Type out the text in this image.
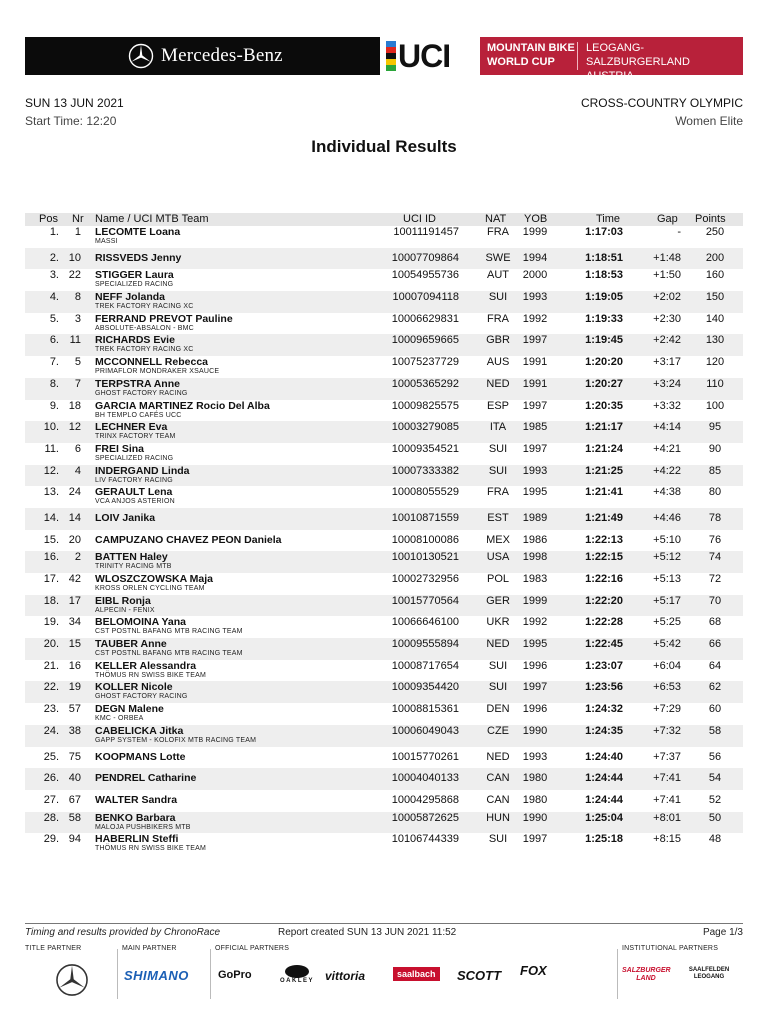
Mercedes-Benz	UCI	MOUNTAIN BIKE
WORLD CUP
LEOGANG-SALZBURGERLAND
AUSTRIA
SUN 13 JUN 2021
Start Time: 12:20
CROSS-COUNTRY OLYMPIC
Women Elite
Individual Results
Pos Nr Name / UCI MTB Team	UCI ID	NAT YOB	Time	Gap Points
1.	1 LECOMTE Loana	10011191457	FRA	1999	1:17:03	-	250
MASSI
2. 10 RISSVEDS Jenny	10007709864 SWE 1994	1:18:51	+1:48	200
3. 22 STIGGER Laura	10054955736	AUT	2000	1:18:53	+1:50	160
SPECIALIZED RACING
4.	8 NEFF Jolanda	10007094118	SUI	1993	1:19:05	+2:02	150
TREK FACTORY RACING XC
5.	3 FERRAND PREVOT Pauline	10006629831	FRA	1992	1:19:33	+2:30	140
ABSOLUTE-ABSALON - BMC
6. 11 RICHARDS Evie	10009659665 GBR 1997	1:19:45	+2:42	130
TREK FACTORY RACING XC
7.	5 MCCONNELL Rebecca	10075237729	AUS	1991	1:20:20	+3:17	120
PRIMAFLOR MONDRAKER XSAUCE
8.	7 TERPSTRA Anne	10005365292	NED	1991	1:20:27	+3:24	110
GHOST FACTORY RACING
9. 18 GARCIA MARTINEZ Rocio Del Alba	10009825575	ESP	1997	1:20:35	+3:32	100
BH TEMPLO CAFÉS UCC
10. 12 LECHNER Eva	10003279085	ITA	1985	1:21:17	+4:14	95
TRINX FACTORY TEAM
11.	6 FREI Sina	10009354521	SUI	1997	1:21:24	+4:21	90
SPECIALIZED RACING
12.	4 INDERGAND Linda	10007333382	SUI	1993	1:21:25	+4:22	85
LIV FACTORY RACING
13. 24 GERAULT Lena	10008055529	FRA	1995	1:21:41	+4:38	80
VCA ANJOS ASTERION
14. 14 LOIV Janika	10010871559	EST	1989	1:21:49	+4:46	78
15. 20 CAMPUZANO CHAVEZ PEON Daniela	10008100086 MEX 1986	1:22:13	+5:10	76
16.	2 BATTEN Haley	10010130521	USA	1998	1:22:15	+5:12	74
TRINITY RACING MTB
17. 42 WLOSZCZOWSKA Maja	10002732956	POL	1983	1:22:16	+5:13	72
KROSS ORLEN CYCLING TEAM
18. 17 EIBL Ronja	10015770564 GER 1999	1:22:20	+5:17	70
ALPECIN - FENIX
19. 34 BELOMOINA Yana	10066646100	UKR	1992	1:22:28	+5:25	68
CST POSTNL BAFANG MTB RACING TEAM
20. 15 TAUBER Anne	10009555894	NED	1995	1:22:45	+5:42	66
CST POSTNL BAFANG MTB RACING TEAM
21. 16 KELLER Alessandra	10008717654	SUI	1996	1:23:07	+6:04	64
THÖMUS RN SWISS BIKE TEAM
22. 19 KOLLER Nicole	10009354420	SUI	1997	1:23:56	+6:53	62
GHOST FACTORY RACING
23. 57 DEGN Malene	10008815361	DEN	1996	1:24:32	+7:29	60
KMC - ORBEA
24. 38 CABELICKA Jitka	10006049043	CZE	1990	1:24:35	+7:32	58
GAPP SYSTEM - KOLOFIX MTB RACING TEAM
25. 75 KOOPMANS Lotte	10015770261	NED	1993	1:24:40	+7:37	56
26. 40 PENDREL Catharine	10004040133	CAN	1980	1:24:44	+7:41	54
27. 67 WALTER Sandra	10004295868	CAN	1980	1:24:44	+7:41	52
28. 58 BENKO Barbara	10005872625 HUN 1990	1:25:04	+8:01	50
MALOJA PUSHBIKERS MTB
29. 94 HABERLIN Steffi	10106744339	SUI	1997	1:25:18	+8:15	48
THÖMUS RN SWISS BIKE TEAM
Timing and results provided by ChronoRace	Report created SUN 13 JUN 2021 11:52	Page 1/3
TITLE PARTNER	MAIN PARTNER
SHIMANO
OFFICIAL PARTNERS
GoPro	OAKLEY vittoria	saalbach	SCOTT FOX
INSTITUTIONAL PARTNERS
SALZBURGER LAND
SAALFELDEN LEOGANG
